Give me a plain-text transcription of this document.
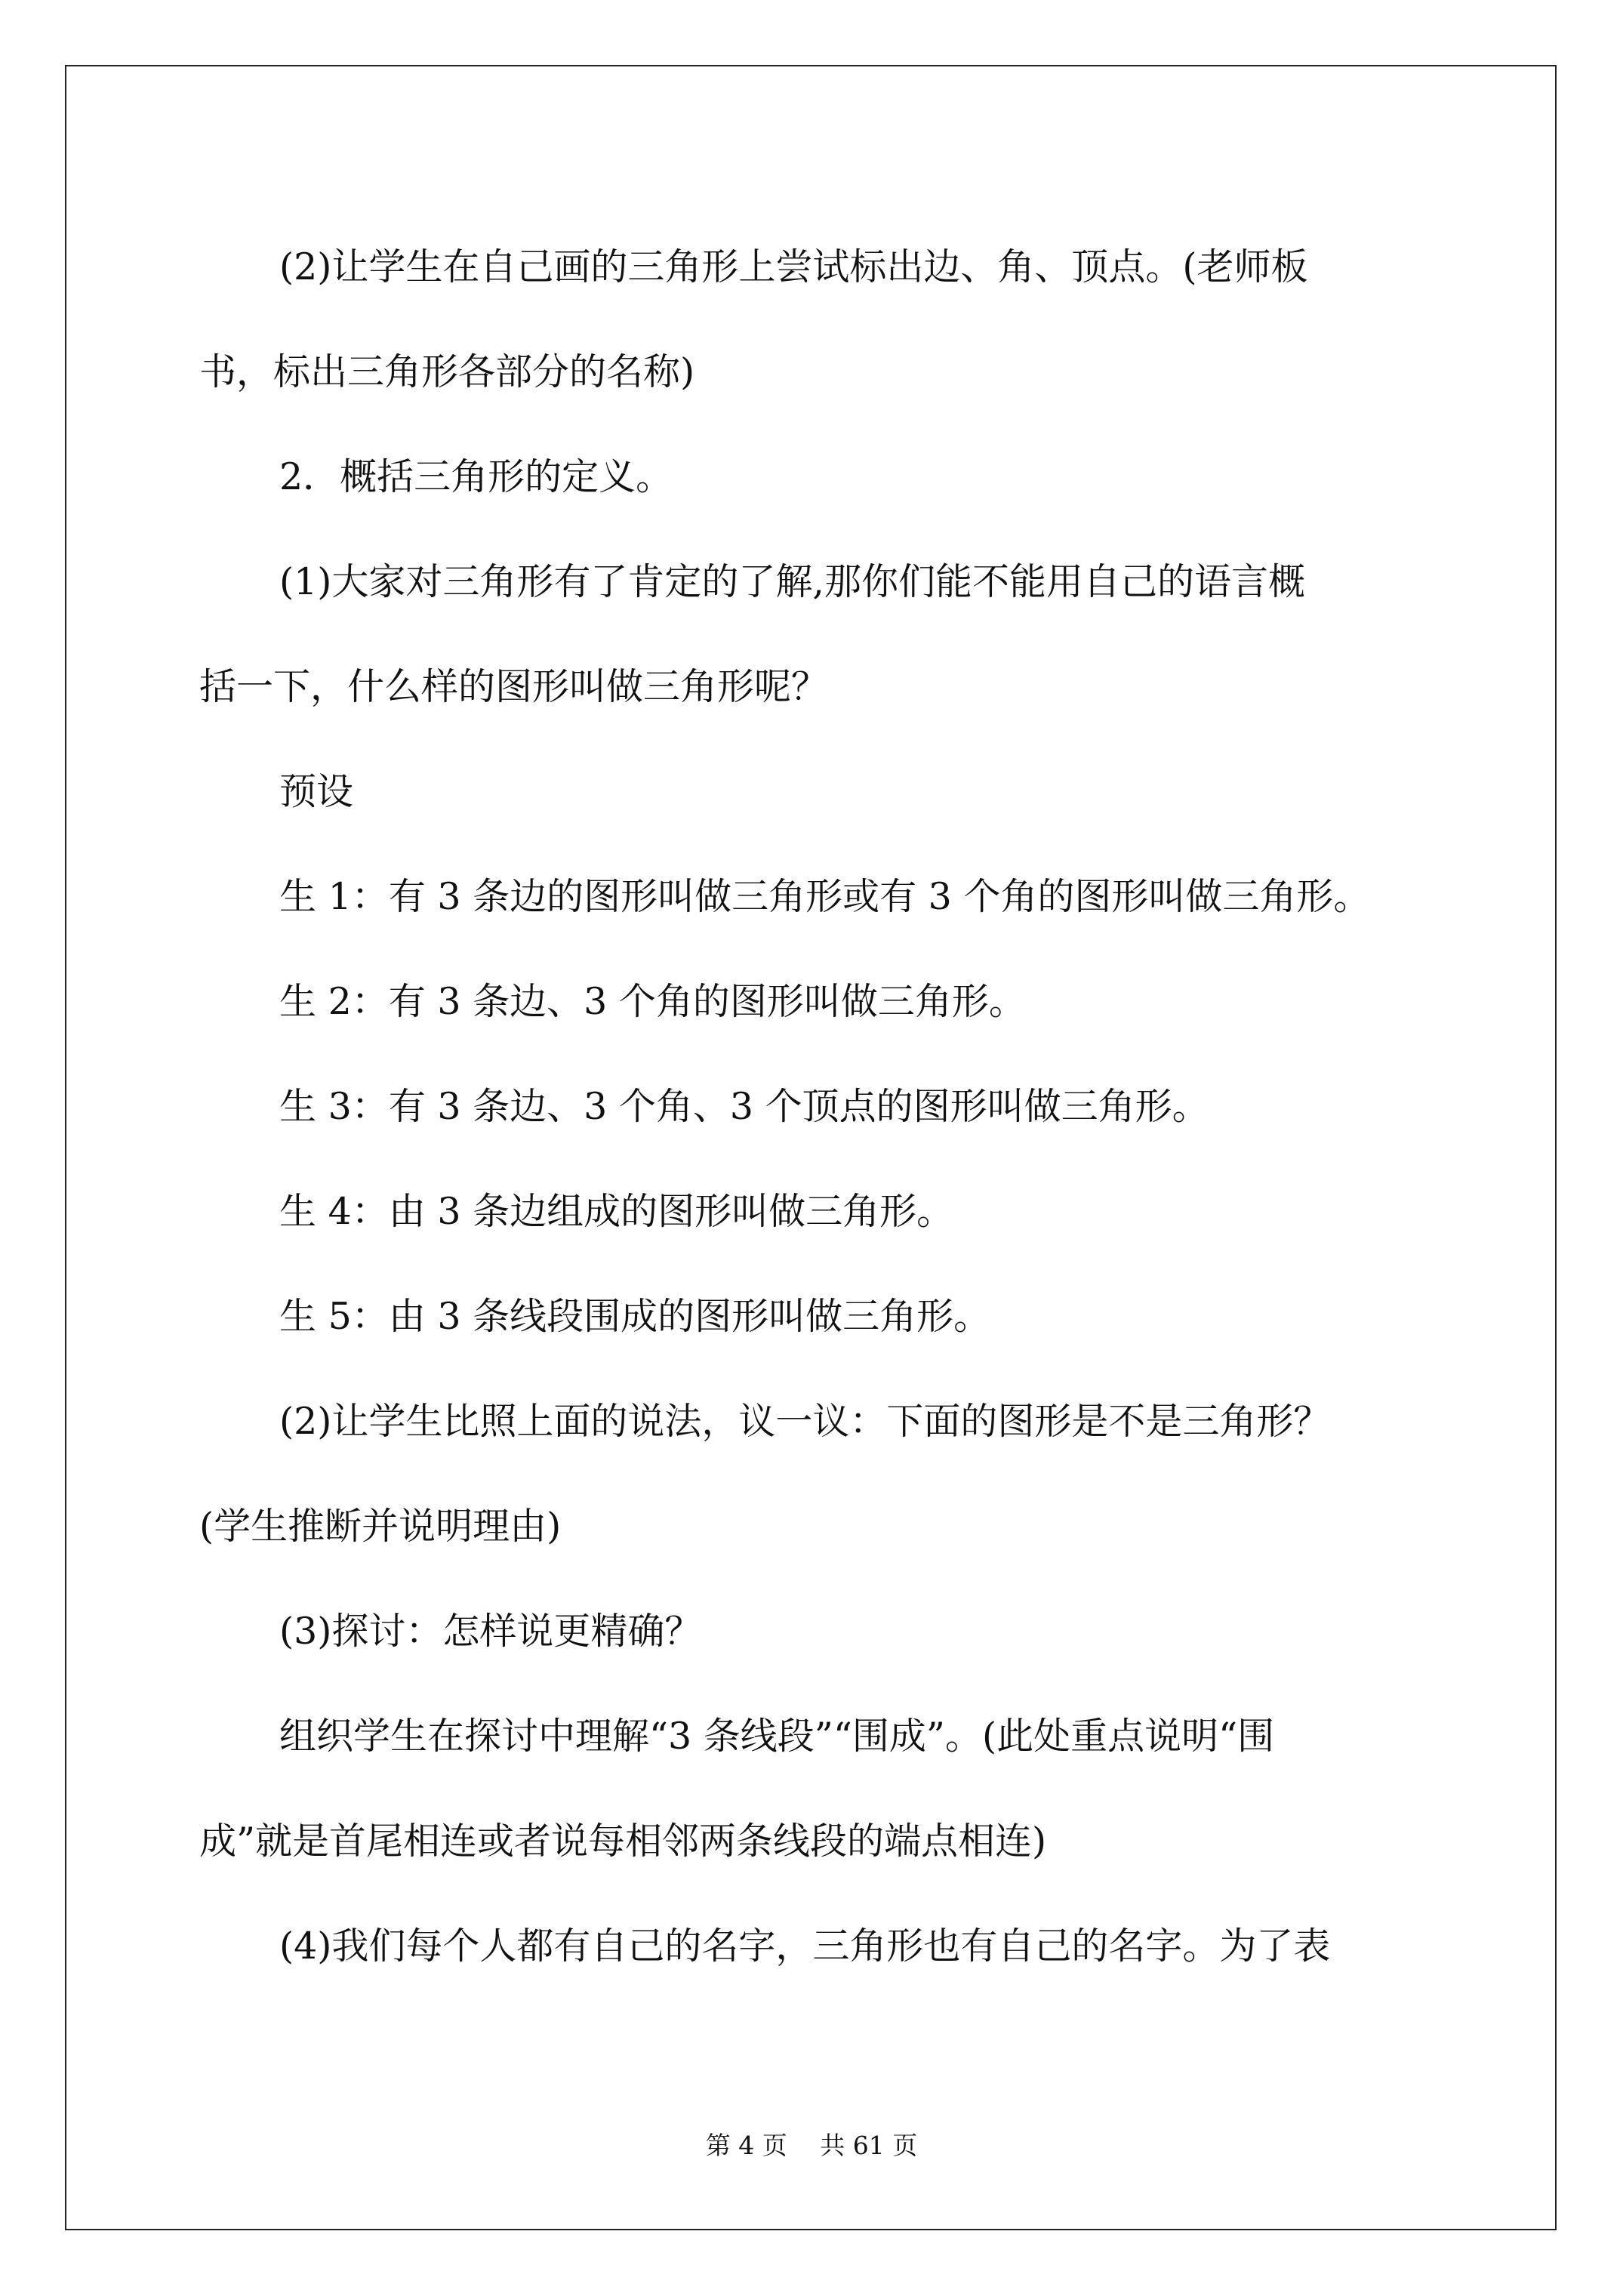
(2)让学生在自己画的三角形上尝试标出边、角、顶点。(老师板
书，标出三角形各部分的名称)
2．概括三角形的定义。
(1)大家对三角形有了肯定的了解,那你们能不能用自己的语言概
括一下，什么样的图形叫做三角形呢？
预设
生 1：有 3 条边的图形叫做三角形或有 3 个角的图形叫做三角形。
生 2：有 3 条边、3 个角的图形叫做三角形。
生 3：有 3 条边、3 个角、3 个顶点的图形叫做三角形。
生 4：由 3 条边组成的图形叫做三角形。
生 5：由 3 条线段围成的图形叫做三角形。
(2)让学生比照上面的说法，议一议：下面的图形是不是三角形？
(学生推断并说明理由)
(3)探讨：怎样说更精确？
组织学生在探讨中理解“3 条线段”“围成”。(此处重点说明“围
成”就是首尾相连或者说每相邻两条线段的端点相连)
(4)我们每个人都有自己的名字，三角形也有自己的名字。为了表
第 4 页　 共 61 页
